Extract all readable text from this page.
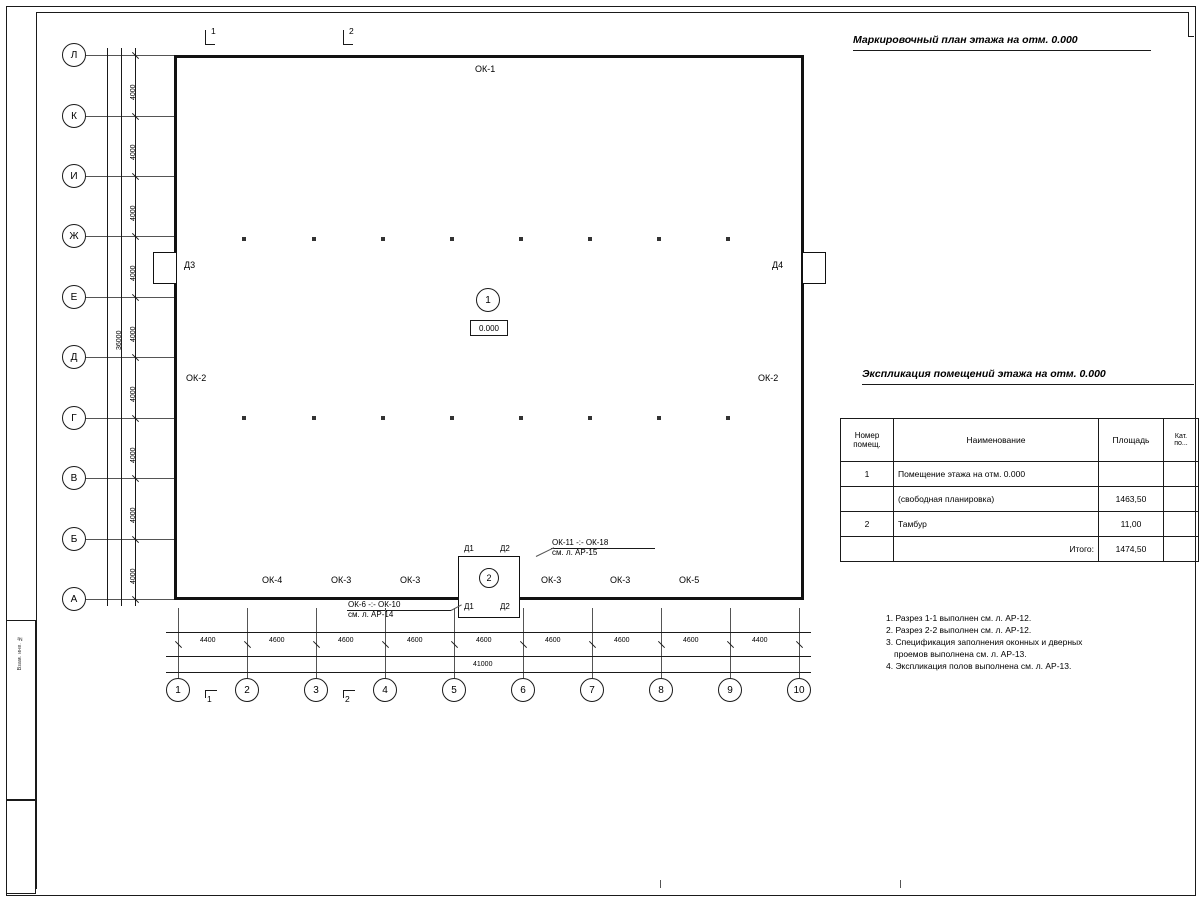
Взам. инв. №
Д3	Д4
2
Д1	Д2
Д1	Д2
1
0.000
ОК-1
ОК-2	ОК-2
ОК-4	ОК-3	ОК-3	ОК-3	ОК-3	ОК-5
ОК-6 -:- ОК-10
см. л. АР-14
ОК-11 -:- ОК-18
см. л. АР-15
Л
К
И
Ж
Е
Д
Г
В
Б
А
4000
4000
4000
4000
4000
4000
4000
4000
4000
36000
1	2	3	4	5	6	7	8	9	10
4400	4600	4600	4600	4600	4600	4600	4600	4400
41000
1	2
1	2
Маркировочный план этажа на отм. 0.000
Экспликация помещений этажа на отм. 0.000
Номер помещ.	Наименование	Площадь	Кат. по...
1	Помещение этажа на отм. 0.000		
	(свободная планировка)	1463,50	
2	Тамбур	11,00	
	Итого:	1474,50	
1. Разрез 1-1 выполнен см. л. АР-12.
2. Разрез 2-2 выполнен см. л. АР-12.
3. Спецификация заполнения оконных и дверных
проемов выполнена см. л. АР-13.
4. Экспликация полов выполнена см. л. АР-13.
